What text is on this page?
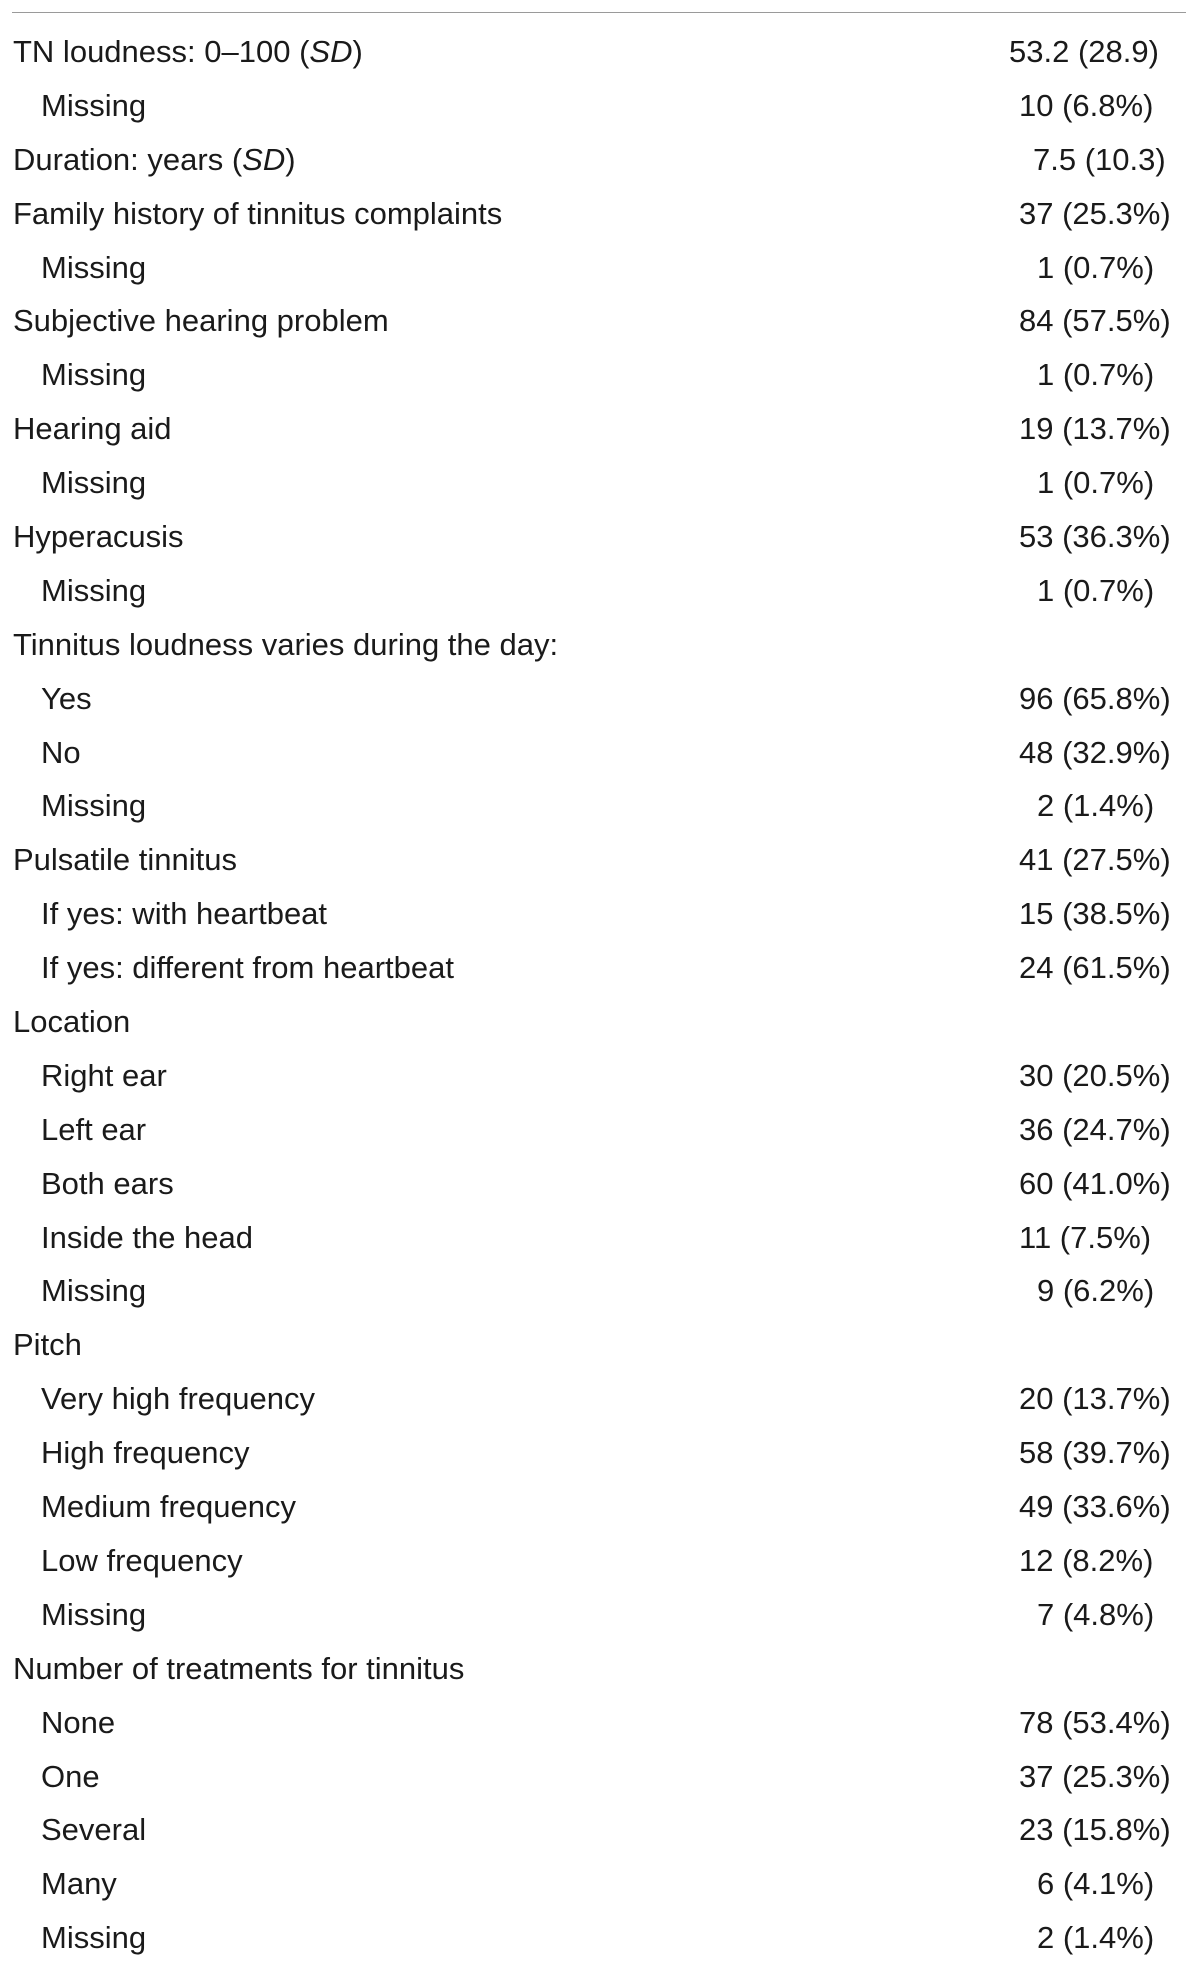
TN loudness: 0–100 (SD)	53.2 (28.9)
Missing	10 (6.8%)
Duration: years (SD)	7.5 (10.3)
Family history of tinnitus complaints	37 (25.3%)
Missing	1 (0.7%)
Subjective hearing problem	84 (57.5%)
Missing	1 (0.7%)
Hearing aid	19 (13.7%)
Missing	1 (0.7%)
Hyperacusis	53 (36.3%)
Missing	1 (0.7%)
Tinnitus loudness varies during the day:
Yes	96 (65.8%)
No	48 (32.9%)
Missing	2 (1.4%)
Pulsatile tinnitus	41 (27.5%)
If yes: with heartbeat	15 (38.5%)
If yes: different from heartbeat	24 (61.5%)
Location
Right ear	30 (20.5%)
Left ear	36 (24.7%)
Both ears	60 (41.0%)
Inside the head	11 (7.5%)
Missing	9 (6.2%)
Pitch
Very high frequency	20 (13.7%)
High frequency	58 (39.7%)
Medium frequency	49 (33.6%)
Low frequency	12 (8.2%)
Missing	7 (4.8%)
Number of treatments for tinnitus
None	78 (53.4%)
One	37 (25.3%)
Several	23 (15.8%)
Many	6 (4.1%)
Missing	2 (1.4%)
